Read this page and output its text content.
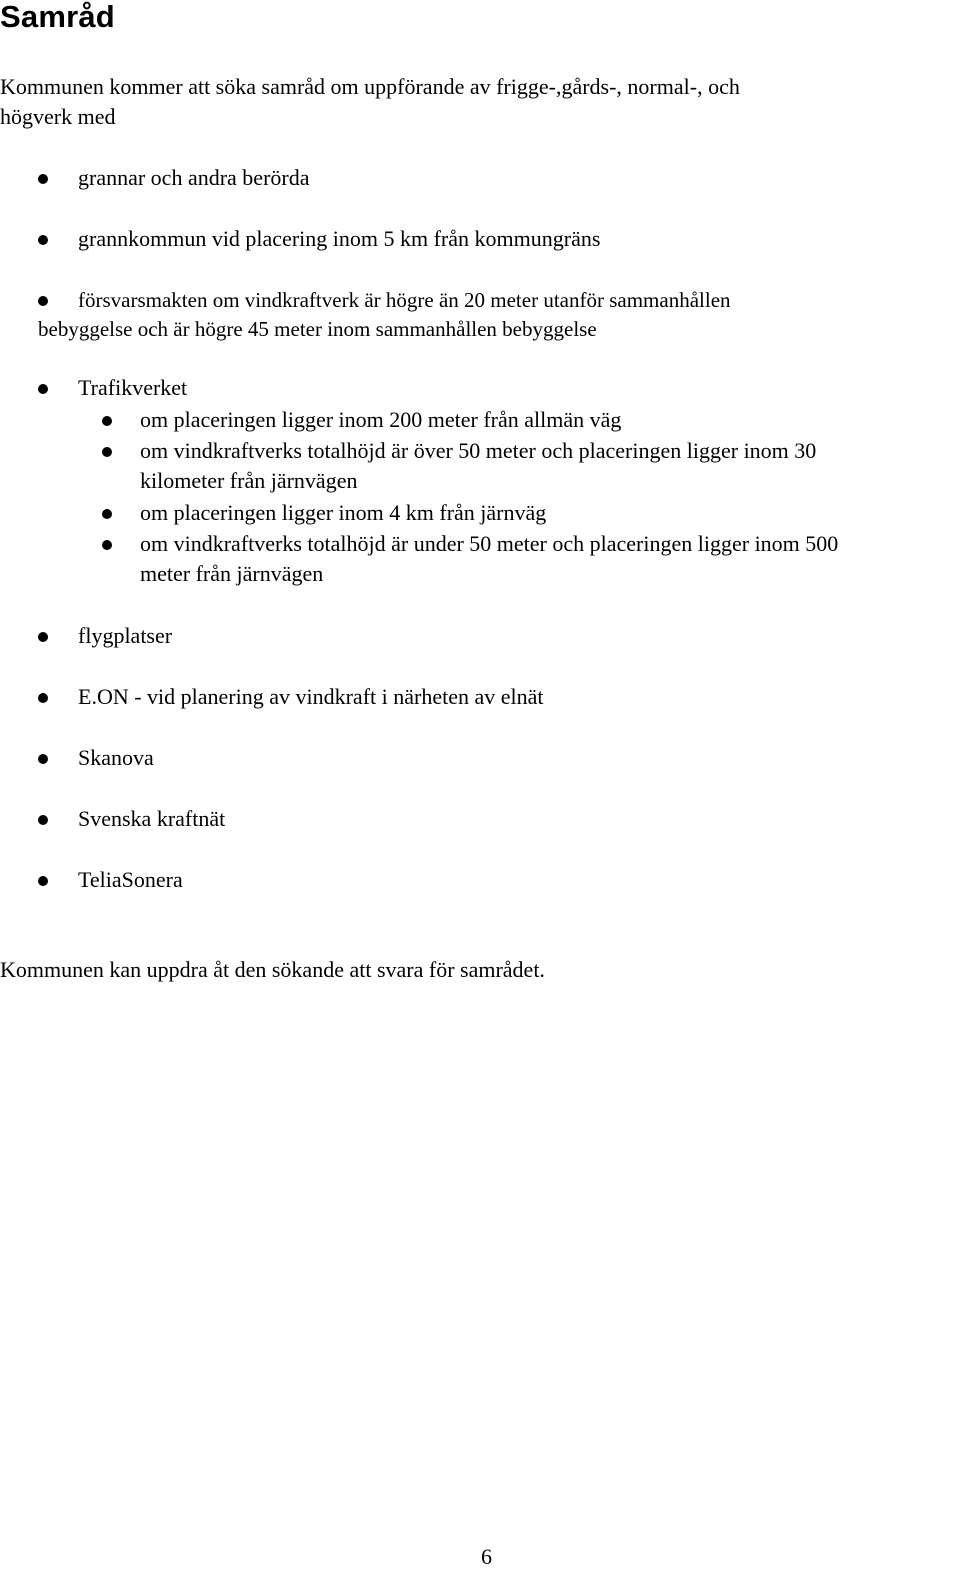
Samråd
Kommunen kommer att söka samråd om uppförande av frigge-,gårds-, normal-, och
högverk med
grannar och andra berörda
grannkommun vid placering inom 5 km från kommungräns
försvarsmakten om vindkraftverk är högre än 20 meter utanför sammanhållen
bebyggelse och är högre 45 meter inom sammanhållen bebyggelse
Trafikverket
om placeringen ligger inom 200 meter från allmän väg
om vindkraftverks totalhöjd är över 50 meter och placeringen ligger inom 30
kilometer från järnvägen
om placeringen ligger inom 4 km från järnväg
om vindkraftverks totalhöjd är under 50 meter och placeringen ligger inom 500
meter från järnvägen
flygplatser
E.ON - vid planering av vindkraft i närheten av elnät
Skanova
Svenska kraftnät
TeliaSonera
Kommunen kan uppdra åt den sökande att svara för samrådet.
6
